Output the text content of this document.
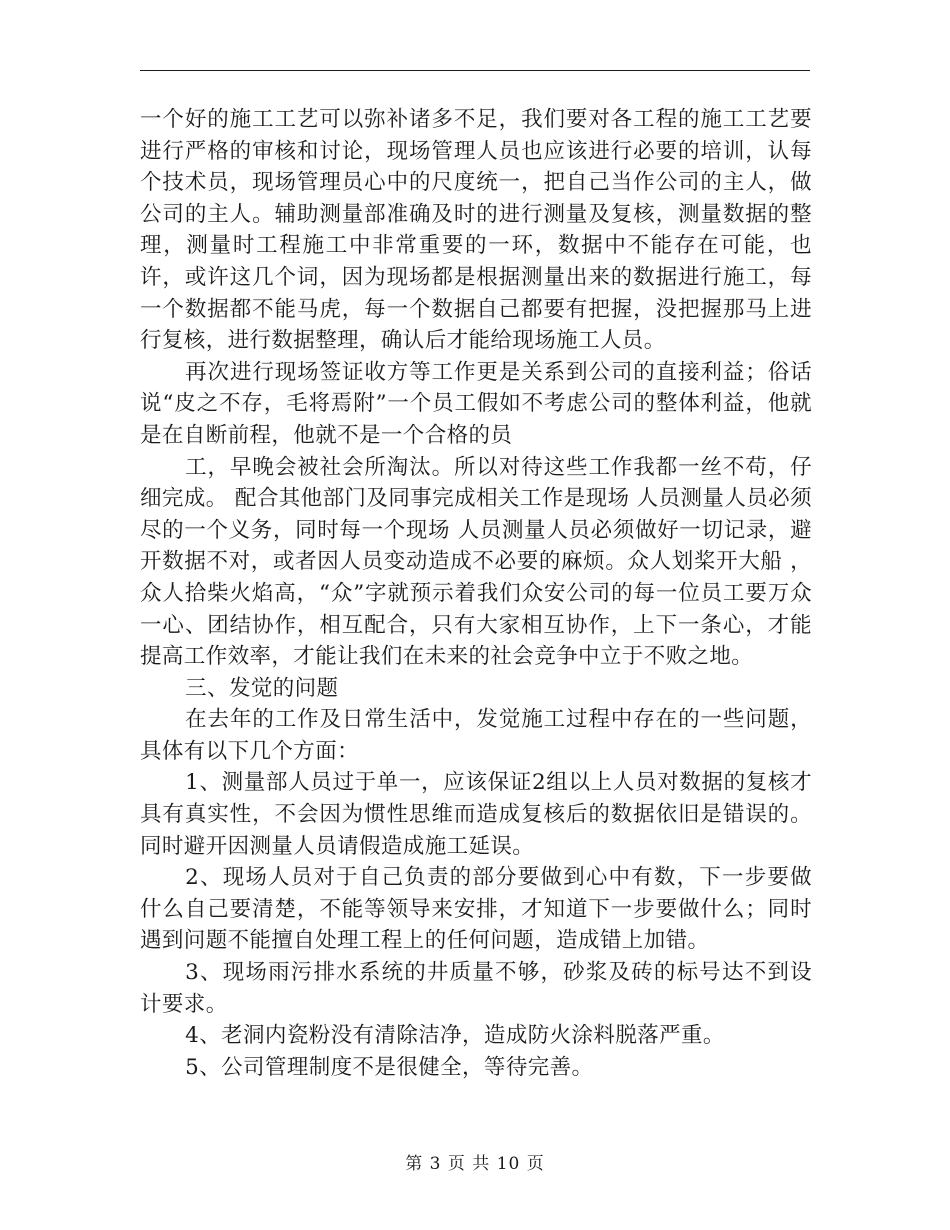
一个好的施工工艺可以弥补诸多不足，我们要对各工程的施工工艺要进行严格的审核和讨论，现场管理人员也应该进行必要的培训，认每个技术员，现场管理员心中的尺度统一，把自己当作公司的主人，做公司的主人。辅助测量部准确及时的进行测量及复核，测量数据的整理，测量时工程施工中非常重要的一环，数据中不能存在可能，也许，或许这几个词，因为现场都是根据测量出来的数据进行施工，每一个数据都不能马虎，每一个数据自己都要有把握，没把握那马上进行复核，进行数据整理，确认后才能给现场施工人员。

再次进行现场签证收方等工作更是关系到公司的直接利益；俗话说“皮之不存，毛将焉附”一个员工假如不考虑公司的整体利益，他就是在自断前程，他就不是一个合格的员

工，早晚会被社会所淘汰。所以对待这些工作我都一丝不苟，仔细完成。 配合其他部门及同事完成相关工作是现场 人员测量人员必须尽的一个义务，同时每一个现场 人员测量人员必须做好一切记录，避开数据不对，或者因人员变动造成不必要的麻烦。众人划桨开大船 ，众人拾柴火焰高，“众”字就预示着我们众安公司的每一位员工要万众一心、团结协作，相互配合，只有大家相互协作，上下一条心，才能提高工作效率，才能让我们在未来的社会竞争中立于不败之地。

三、发觉的问题

在去年的工作及日常生活中，发觉施工过程中存在的一些问题，具体有以下几个方面：

1、测量部人员过于单一，应该保证2组以上人员对数据的复核才具有真实性，不会因为惯性思维而造成复核后的数据依旧是错误的。同时避开因测量人员请假造成施工延误。

2、现场人员对于自己负责的部分要做到心中有数，下一步要做什么自己要清楚，不能等领导来安排，才知道下一步要做什么；同时遇到问题不能擅自处理工程上的任何问题，造成错上加错。

3、现场雨污排水系统的井质量不够，砂浆及砖的标号达不到设计要求。

4、老洞内瓷粉没有清除洁净，造成防火涂料脱落严重。

5、公司管理制度不是很健全，等待完善。

第 3 页 共 10 页
